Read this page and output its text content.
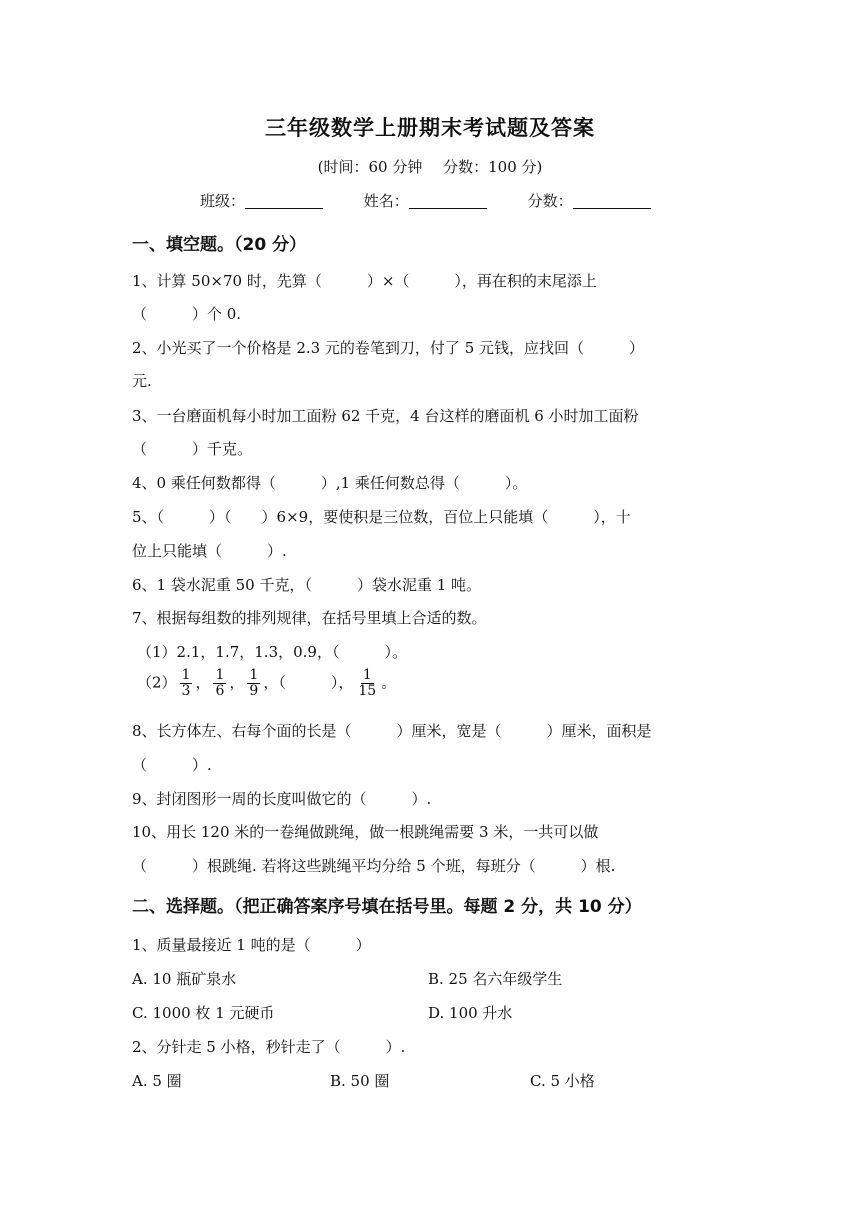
三年级数学上册期末考试题及答案
(时间：60 分钟 分数：100 分)
班级：	姓名：	分数：
一、填空题。（20 分）
1、计算 50×70 时，先算（　　　）×（　　　），再在积的末尾添上
（　　　）个 0.
2、小光买了一个价格是 2.3 元的卷笔到刀，付了 5 元钱，应找回（　　　）
元.
3、一台磨面机每小时加工面粉 62 千克，4 台这样的磨面机 6 小时加工面粉
（　　　）千克。
4、0 乘任何数都得（　　　）,1 乘任何数总得（　　　）。
5、（　　　）（　　）6×9，要使积是三位数，百位上只能填（　　　），十
位上只能填（　　　）.
6、1 袋水泥重 50 千克，（　　　）袋水泥重 1 吨。
7、根据每组数的排列规律，在括号里填上合适的数。
（1）2.1，1.7，1.3，0.9，（　　　）。
$(2) \frac{1}{3}$ ， $\frac{1}{6}$ ， $\frac{1}{9}$ ，（　　　）， $\frac{1}{15}$ 。
8、长方体左、右每个面的长是（　　　）厘米，宽是（　　　）厘米，面积是
（　　　）.
9、封闭图形一周的长度叫做它的（　　　）.
10、用长 120 米的一卷绳做跳绳，做一根跳绳需要 3 米，一共可以做
（　　　）根跳绳. 若将这些跳绳平均分给 5 个班，每班分（　　　）根.
二、选择题。（把正确答案序号填在括号里。每题 2 分，共 10 分）
1、质量最接近 1 吨的是（　　　）
A. 10 瓶矿泉水	B. 25 名六年级学生
C. 1000 枚 1 元硬币	D. 100 升水
2、分针走 5 小格，秒针走了（　　　）.
A. 5 圈	B. 50 圈	C. 5 小格
